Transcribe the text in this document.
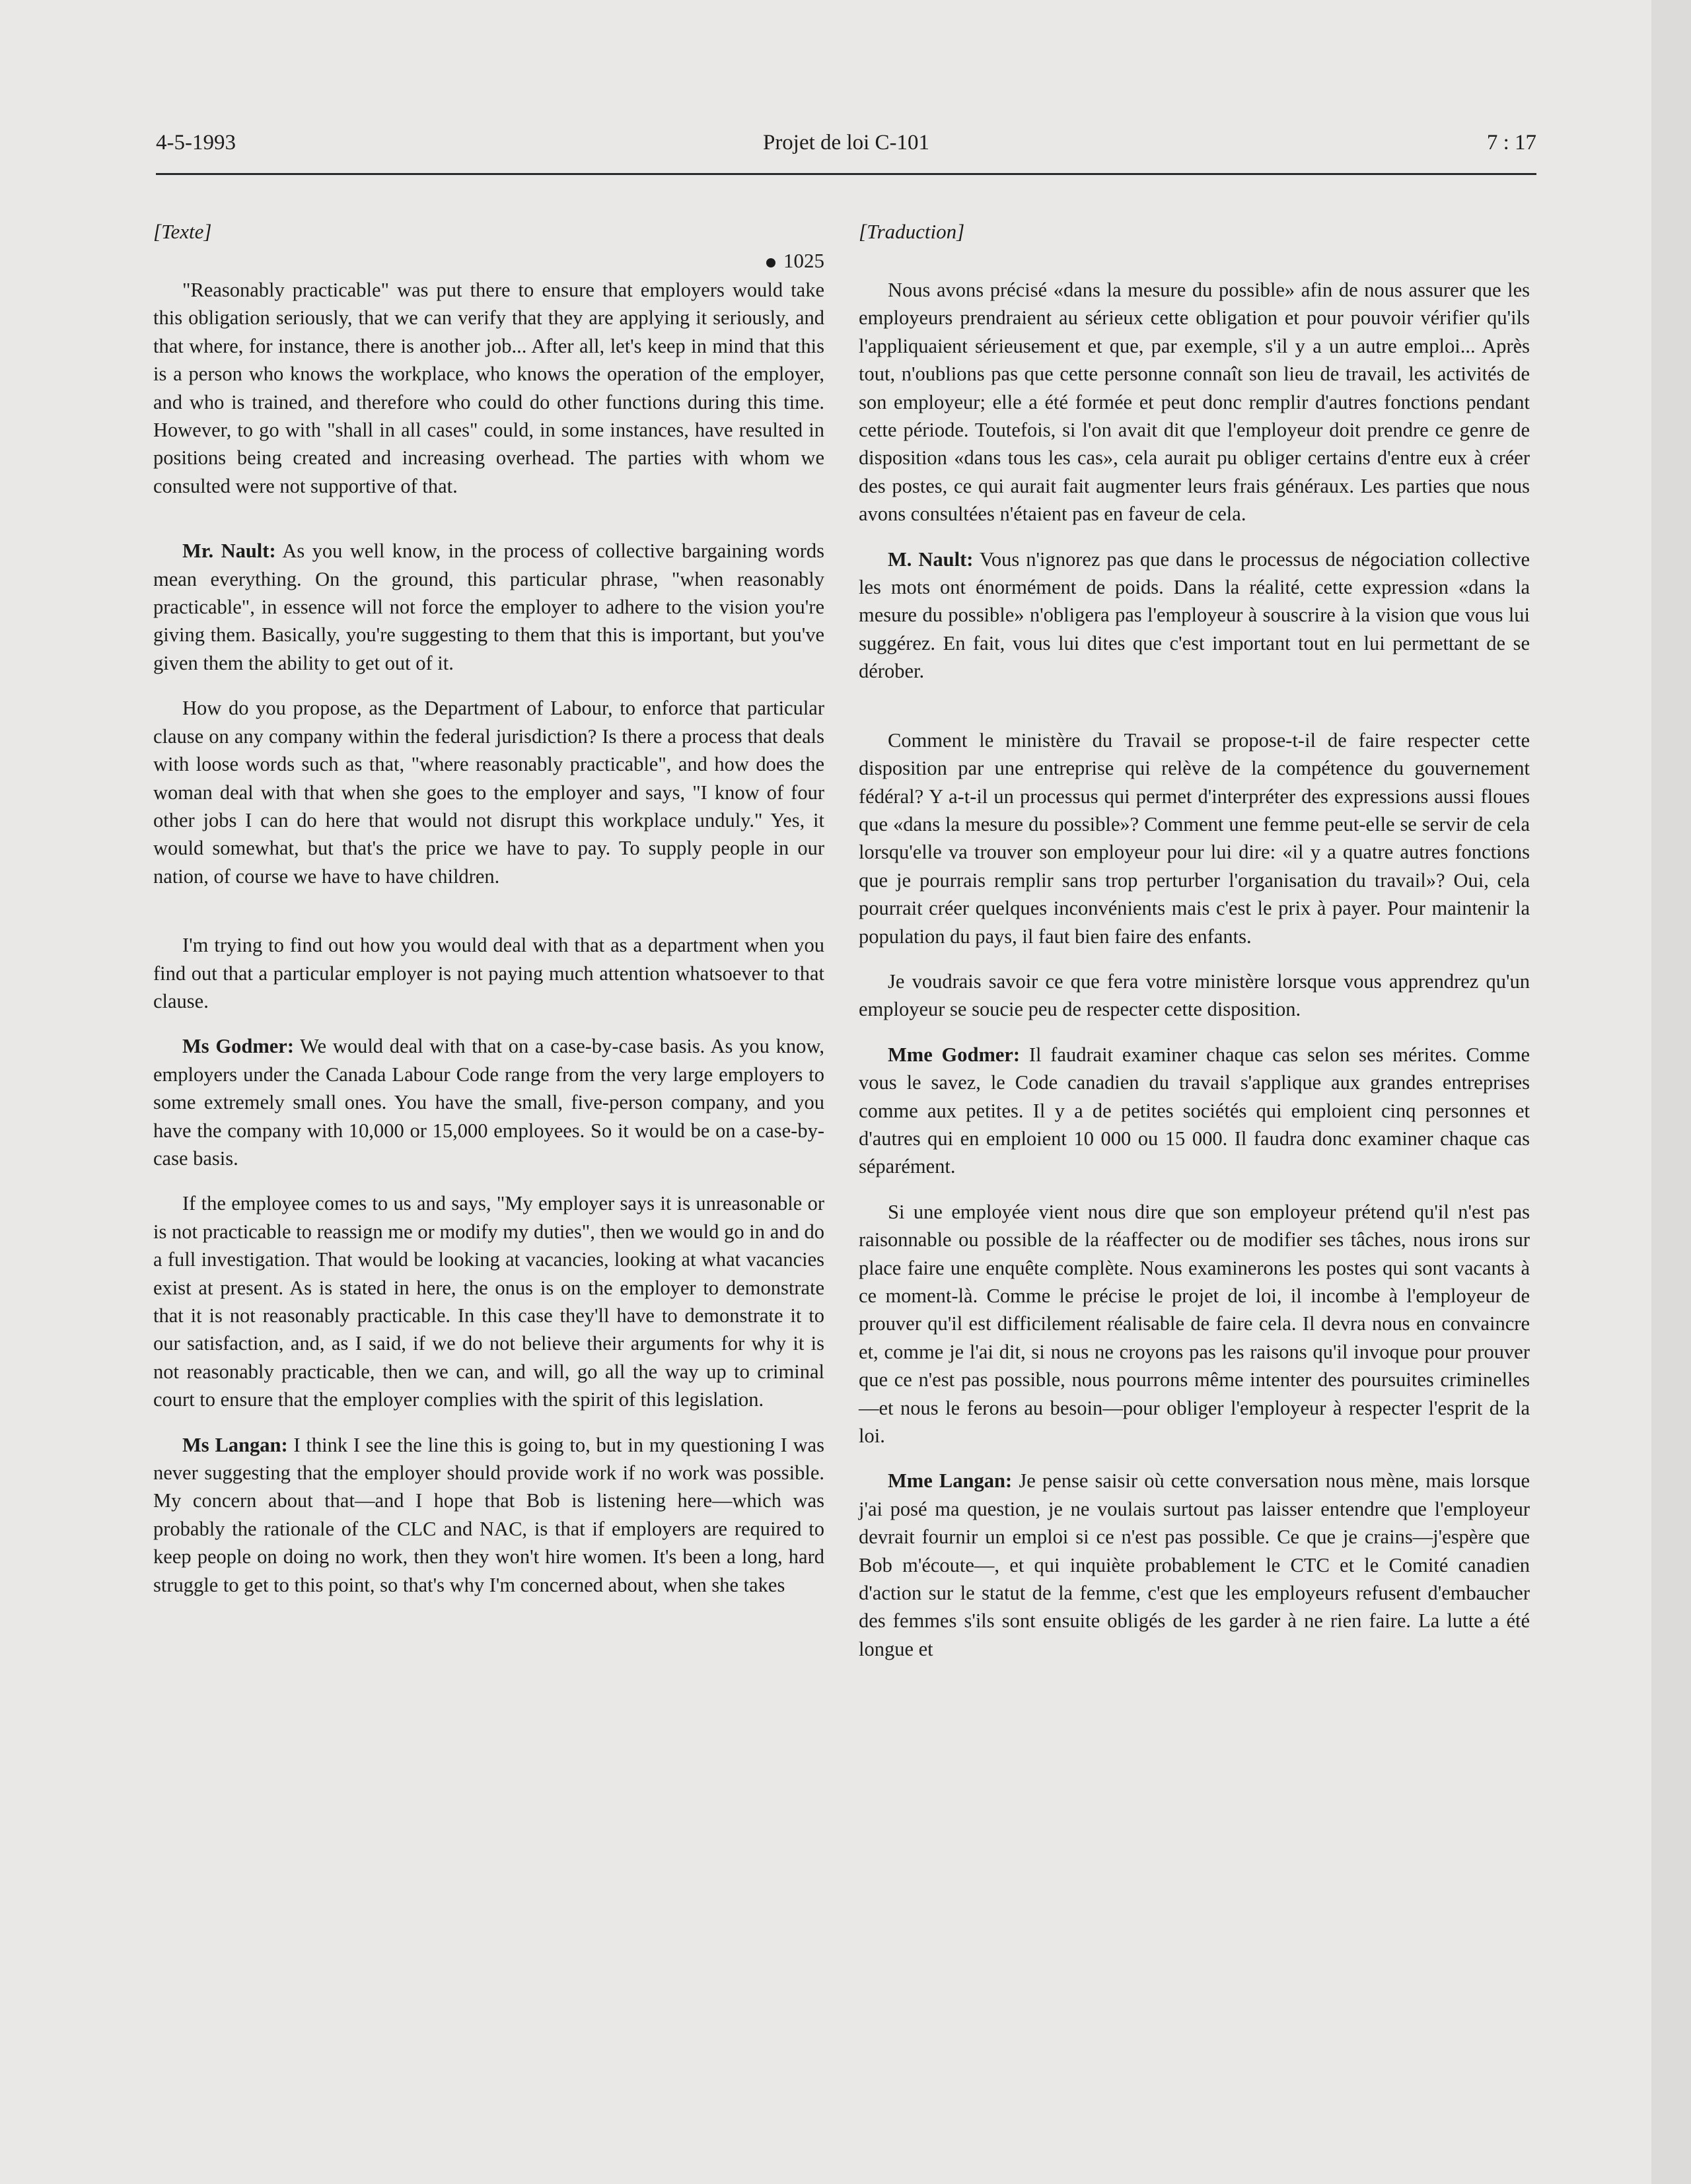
4-5-1993	Projet de loi C-101	7 : 17

[Texte]

1025

"Reasonably practicable" was put there to ensure that employers would take this obligation seriously, that we can verify that they are applying it seriously, and that where, for instance, there is another job... After all, let's keep in mind that this is a person who knows the workplace, who knows the operation of the employer, and who is trained, and therefore who could do other functions during this time. However, to go with "shall in all cases" could, in some instances, have resulted in positions being created and increasing overhead. The parties with whom we consulted were not supportive of that.

Mr. Nault: As you well know, in the process of collective bargaining words mean everything. On the ground, this particular phrase, "when reasonably practicable", in essence will not force the employer to adhere to the vision you're giving them. Basically, you're suggesting to them that this is important, but you've given them the ability to get out of it.

How do you propose, as the Department of Labour, to enforce that particular clause on any company within the federal jurisdiction? Is there a process that deals with loose words such as that, "where reasonably practicable", and how does the woman deal with that when she goes to the employer and says, "I know of four other jobs I can do here that would not disrupt this workplace unduly." Yes, it would somewhat, but that's the price we have to pay. To supply people in our nation, of course we have to have children.

I'm trying to find out how you would deal with that as a department when you find out that a particular employer is not paying much attention whatsoever to that clause.

Ms Godmer: We would deal with that on a case-by-case basis. As you know, employers under the Canada Labour Code range from the very large employers to some extremely small ones. You have the small, five-person company, and you have the company with 10,000 or 15,000 employees. So it would be on a case-by-case basis.

If the employee comes to us and says, "My employer says it is unreasonable or is not practicable to reassign me or modify my duties", then we would go in and do a full investigation. That would be looking at vacancies, looking at what vacancies exist at present. As is stated in here, the onus is on the employer to demonstrate that it is not reasonably practicable. In this case they'll have to demonstrate it to our satisfaction, and, as I said, if we do not believe their arguments for why it is not reasonably practicable, then we can, and will, go all the way up to criminal court to ensure that the employer complies with the spirit of this legislation.

Ms Langan: I think I see the line this is going to, but in my questioning I was never suggesting that the employer should provide work if no work was possible. My concern about that—and I hope that Bob is listening here—which was probably the rationale of the CLC and NAC, is that if employers are required to keep people on doing no work, then they won't hire women. It's been a long, hard struggle to get to this point, so that's why I'm concerned about, when she takes

[Traduction]

Nous avons précisé «dans la mesure du possible» afin de nous assurer que les employeurs prendraient au sérieux cette obligation et pour pouvoir vérifier qu'ils l'appliquaient sérieusement et que, par exemple, s'il y a un autre emploi... Après tout, n'oublions pas que cette personne connaît son lieu de travail, les activités de son employeur; elle a été formée et peut donc remplir d'autres fonctions pendant cette période. Toutefois, si l'on avait dit que l'employeur doit prendre ce genre de disposition «dans tous les cas», cela aurait pu obliger certains d'entre eux à créer des postes, ce qui aurait fait augmenter leurs frais généraux. Les parties que nous avons consultées n'étaient pas en faveur de cela.

M. Nault: Vous n'ignorez pas que dans le processus de négociation collective les mots ont énormément de poids. Dans la réalité, cette expression «dans la mesure du possible» n'obligera pas l'employeur à souscrire à la vision que vous lui suggérez. En fait, vous lui dites que c'est important tout en lui permettant de se dérober.

Comment le ministère du Travail se propose-t-il de faire respecter cette disposition par une entreprise qui relève de la compétence du gouvernement fédéral? Y a-t-il un processus qui permet d'interpréter des expressions aussi floues que «dans la mesure du possible»? Comment une femme peut-elle se servir de cela lorsqu'elle va trouver son employeur pour lui dire: «il y a quatre autres fonctions que je pourrais remplir sans trop perturber l'organisation du travail»? Oui, cela pourrait créer quelques inconvénients mais c'est le prix à payer. Pour maintenir la population du pays, il faut bien faire des enfants.

Je voudrais savoir ce que fera votre ministère lorsque vous apprendrez qu'un employeur se soucie peu de respecter cette disposition.

Mme Godmer: Il faudrait examiner chaque cas selon ses mérites. Comme vous le savez, le Code canadien du travail s'applique aux grandes entreprises comme aux petites. Il y a de petites sociétés qui emploient cinq personnes et d'autres qui en emploient 10 000 ou 15 000. Il faudra donc examiner chaque cas séparément.

Si une employée vient nous dire que son employeur prétend qu'il n'est pas raisonnable ou possible de la réaffecter ou de modifier ses tâches, nous irons sur place faire une enquête complète. Nous examinerons les postes qui sont vacants à ce moment-là. Comme le précise le projet de loi, il incombe à l'employeur de prouver qu'il est difficilement réalisable de faire cela. Il devra nous en convaincre et, comme je l'ai dit, si nous ne croyons pas les raisons qu'il invoque pour prouver que ce n'est pas possible, nous pourrons même intenter des poursuites criminelles—et nous le ferons au besoin—pour obliger l'employeur à respecter l'esprit de la loi.

Mme Langan: Je pense saisir où cette conversation nous mène, mais lorsque j'ai posé ma question, je ne voulais surtout pas laisser entendre que l'employeur devrait fournir un emploi si ce n'est pas possible. Ce que je crains—j'espère que Bob m'écoute—, et qui inquiète probablement le CTC et le Comité canadien d'action sur le statut de la femme, c'est que les employeurs refusent d'embaucher des femmes s'ils sont ensuite obligés de les garder à ne rien faire. La lutte a été longue et
